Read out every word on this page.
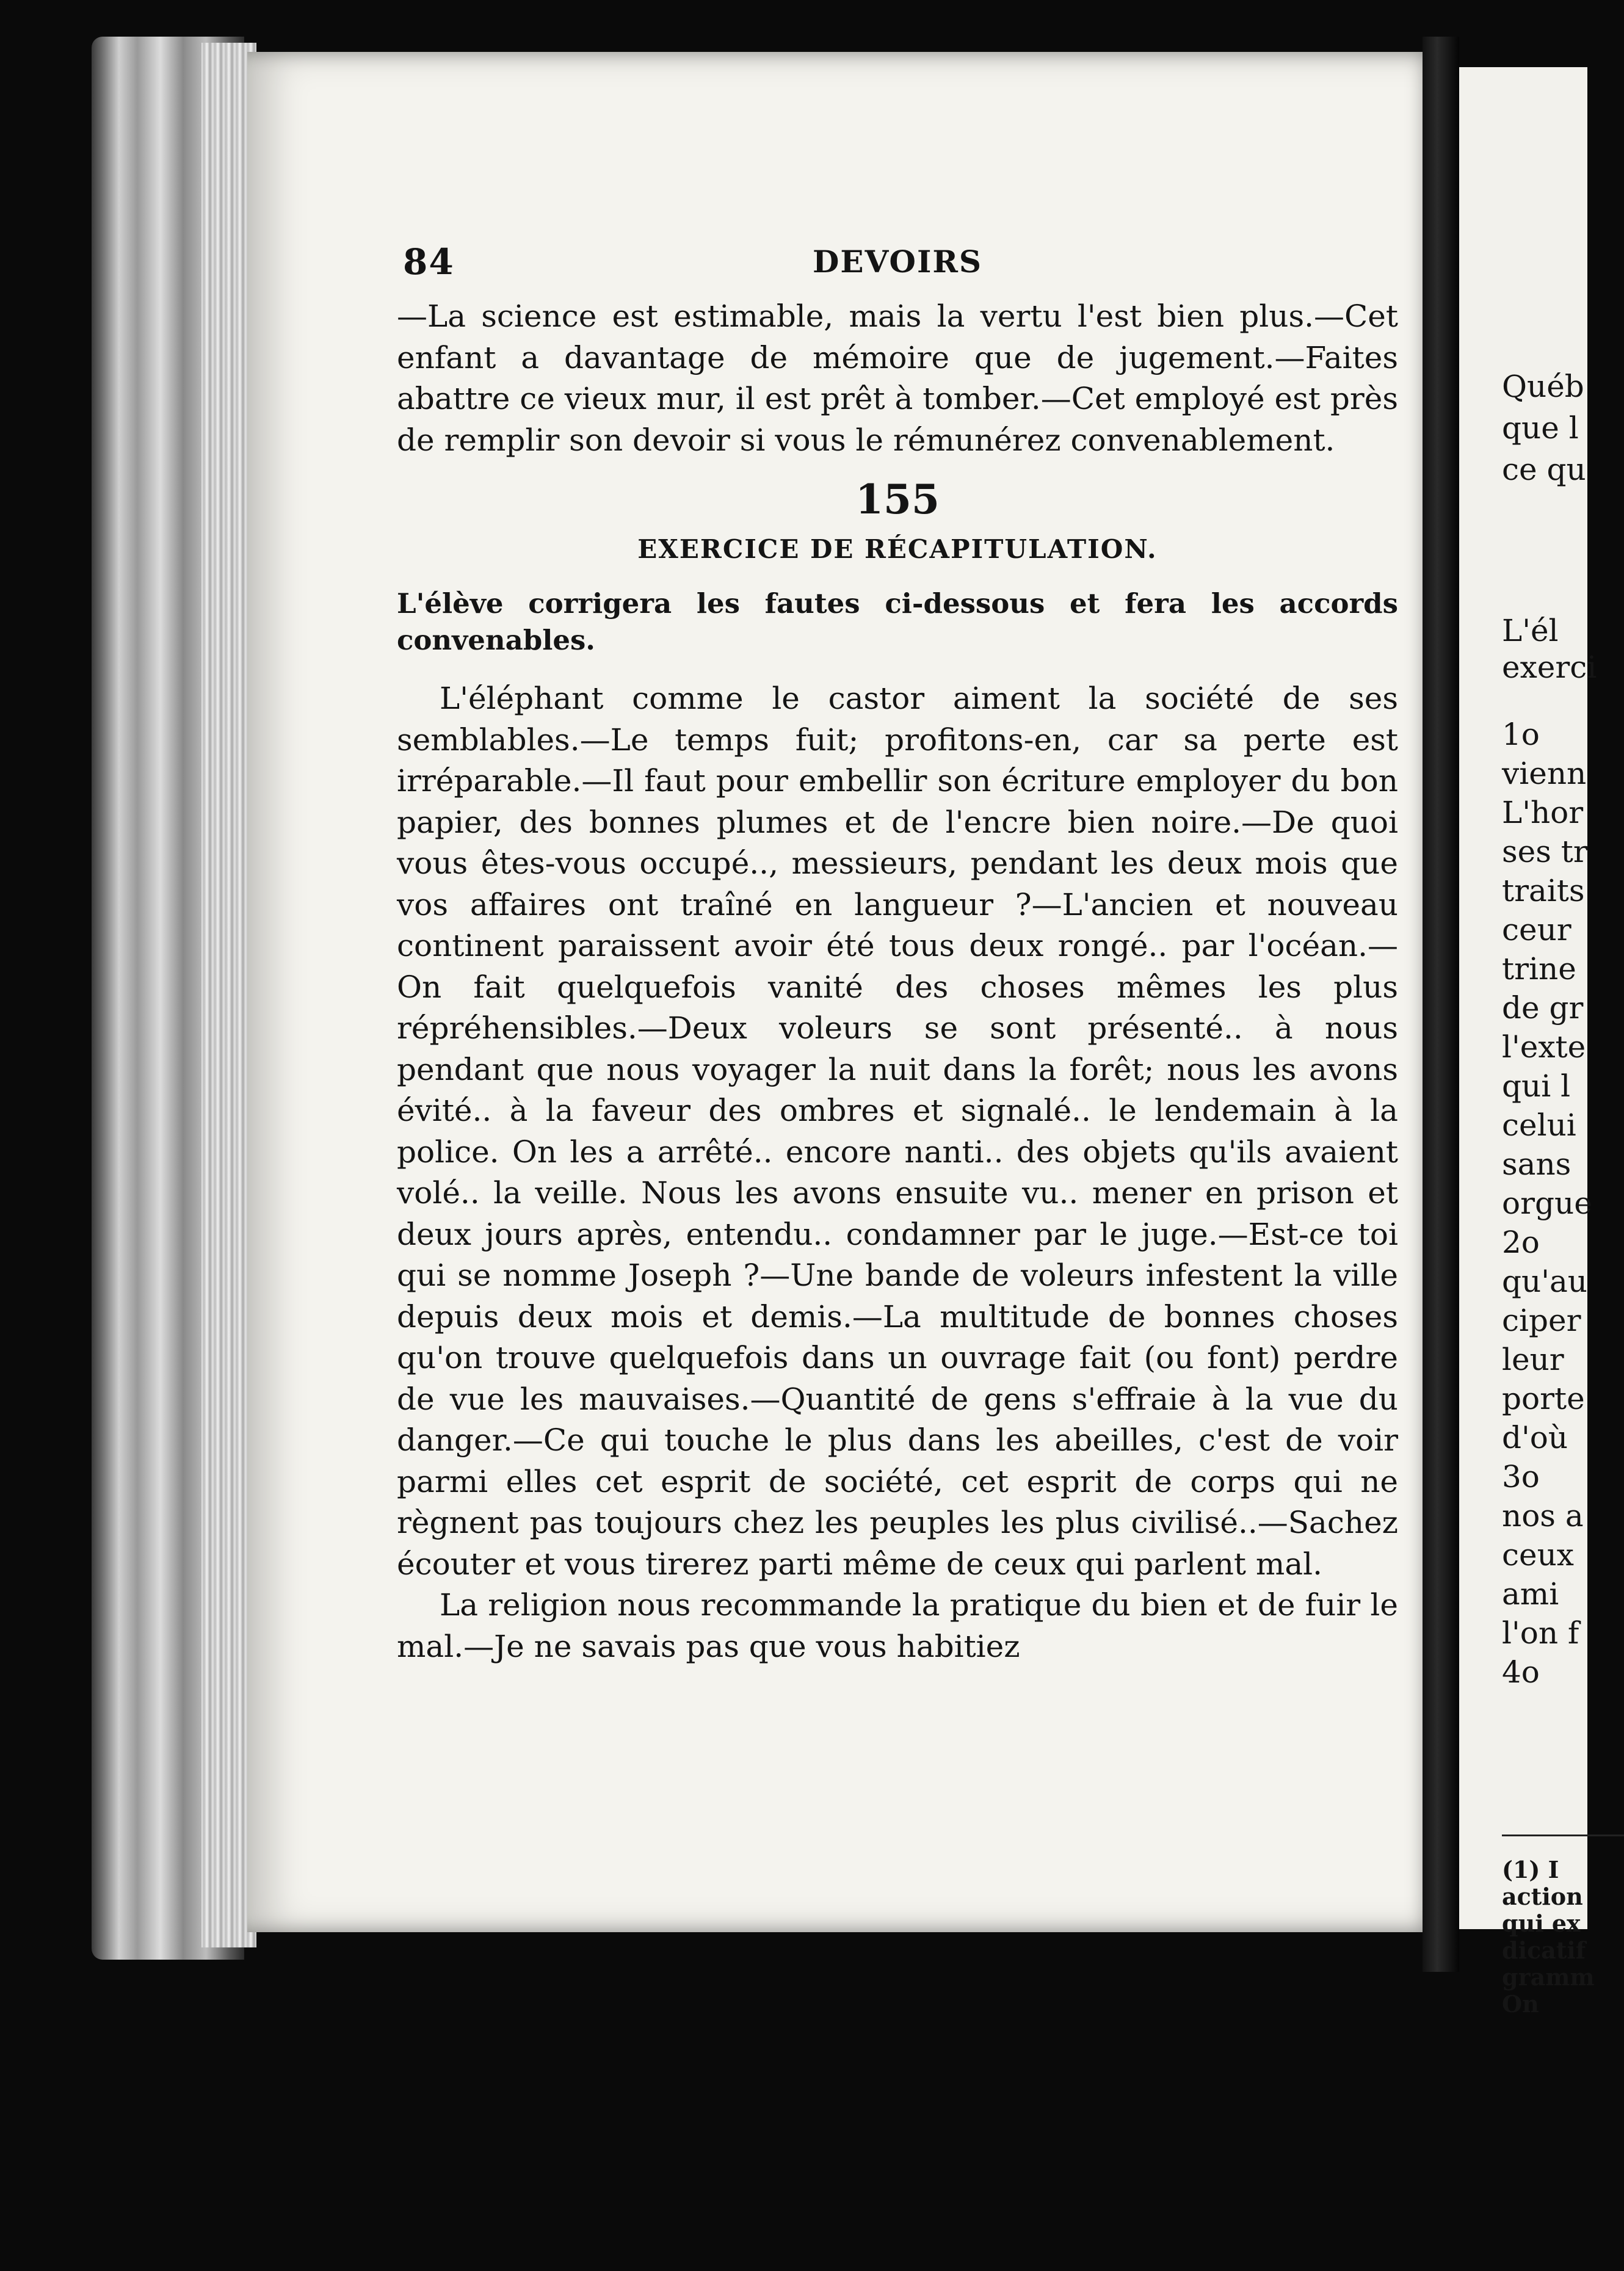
84	DEVOIRS

—La science est estimable, mais la vertu l'est bien plus.—Cet enfant a davantage de mémoire que de jugement.—Faites abattre ce vieux mur, il est prêt à tomber.—Cet employé est près de remplir son devoir si vous le rémunérez convenablement.

155
EXERCICE DE RÉCAPITULATION.

L'élève corrigera les fautes ci-dessous et fera les accords convenables.

L'éléphant comme le castor aiment la société de ses semblables.—Le temps fuit; profitons-en, car sa perte est irréparable.—Il faut pour embellir son écriture employer du bon papier, des bonnes plumes et de l'encre bien noire.—De quoi vous êtes-vous occupé.., messieurs, pendant les deux mois que vos affaires ont traîné en langueur ?—L'ancien et nouveau continent paraissent avoir été tous deux rongé.. par l'océan.—On fait quelquefois vanité des choses mêmes les plus répréhensibles.—Deux voleurs se sont présenté.. à nous pendant que nous voyager la nuit dans la forêt; nous les avons évité.. à la faveur des ombres et signalé.. le lendemain à la police. On les a arrêté.. encore nanti.. des objets qu'ils avaient volé.. la veille. Nous les avons ensuite vu.. mener en prison et deux jours après, entendu.. condamner par le juge.—Est-ce toi qui se nomme Joseph ?—Une bande de voleurs infestent la ville depuis deux mois et demis.—La multitude de bonnes choses qu'on trouve quelquefois dans un ouvrage fait (ou font) perdre de vue les mauvaises.—Quantité de gens s'effraie à la vue du danger.—Ce qui touche le plus dans les abeilles, c'est de voir parmi elles cet esprit de société, cet esprit de corps qui ne règnent pas toujours chez les peuples les plus civilisé..—Sachez écouter et vous tirerez parti même de ceux qui parlent mal.

La religion nous recommande la pratique du bien et de fuir le mal.—Je ne savais pas que vous habitiez

Québ
que l
ce qu
L'él
exerci
1o
vienn
L'hor
ses tr
traits
ceur
trine
de gr
l'exte
qui l
celui
sans
orgue
2o
qu'au
ciper
leur
porte
d'où
3o
nos a
ceux
ami
l'on f
4o
(1) I
action
qui ex
dicatif
gramm
On
